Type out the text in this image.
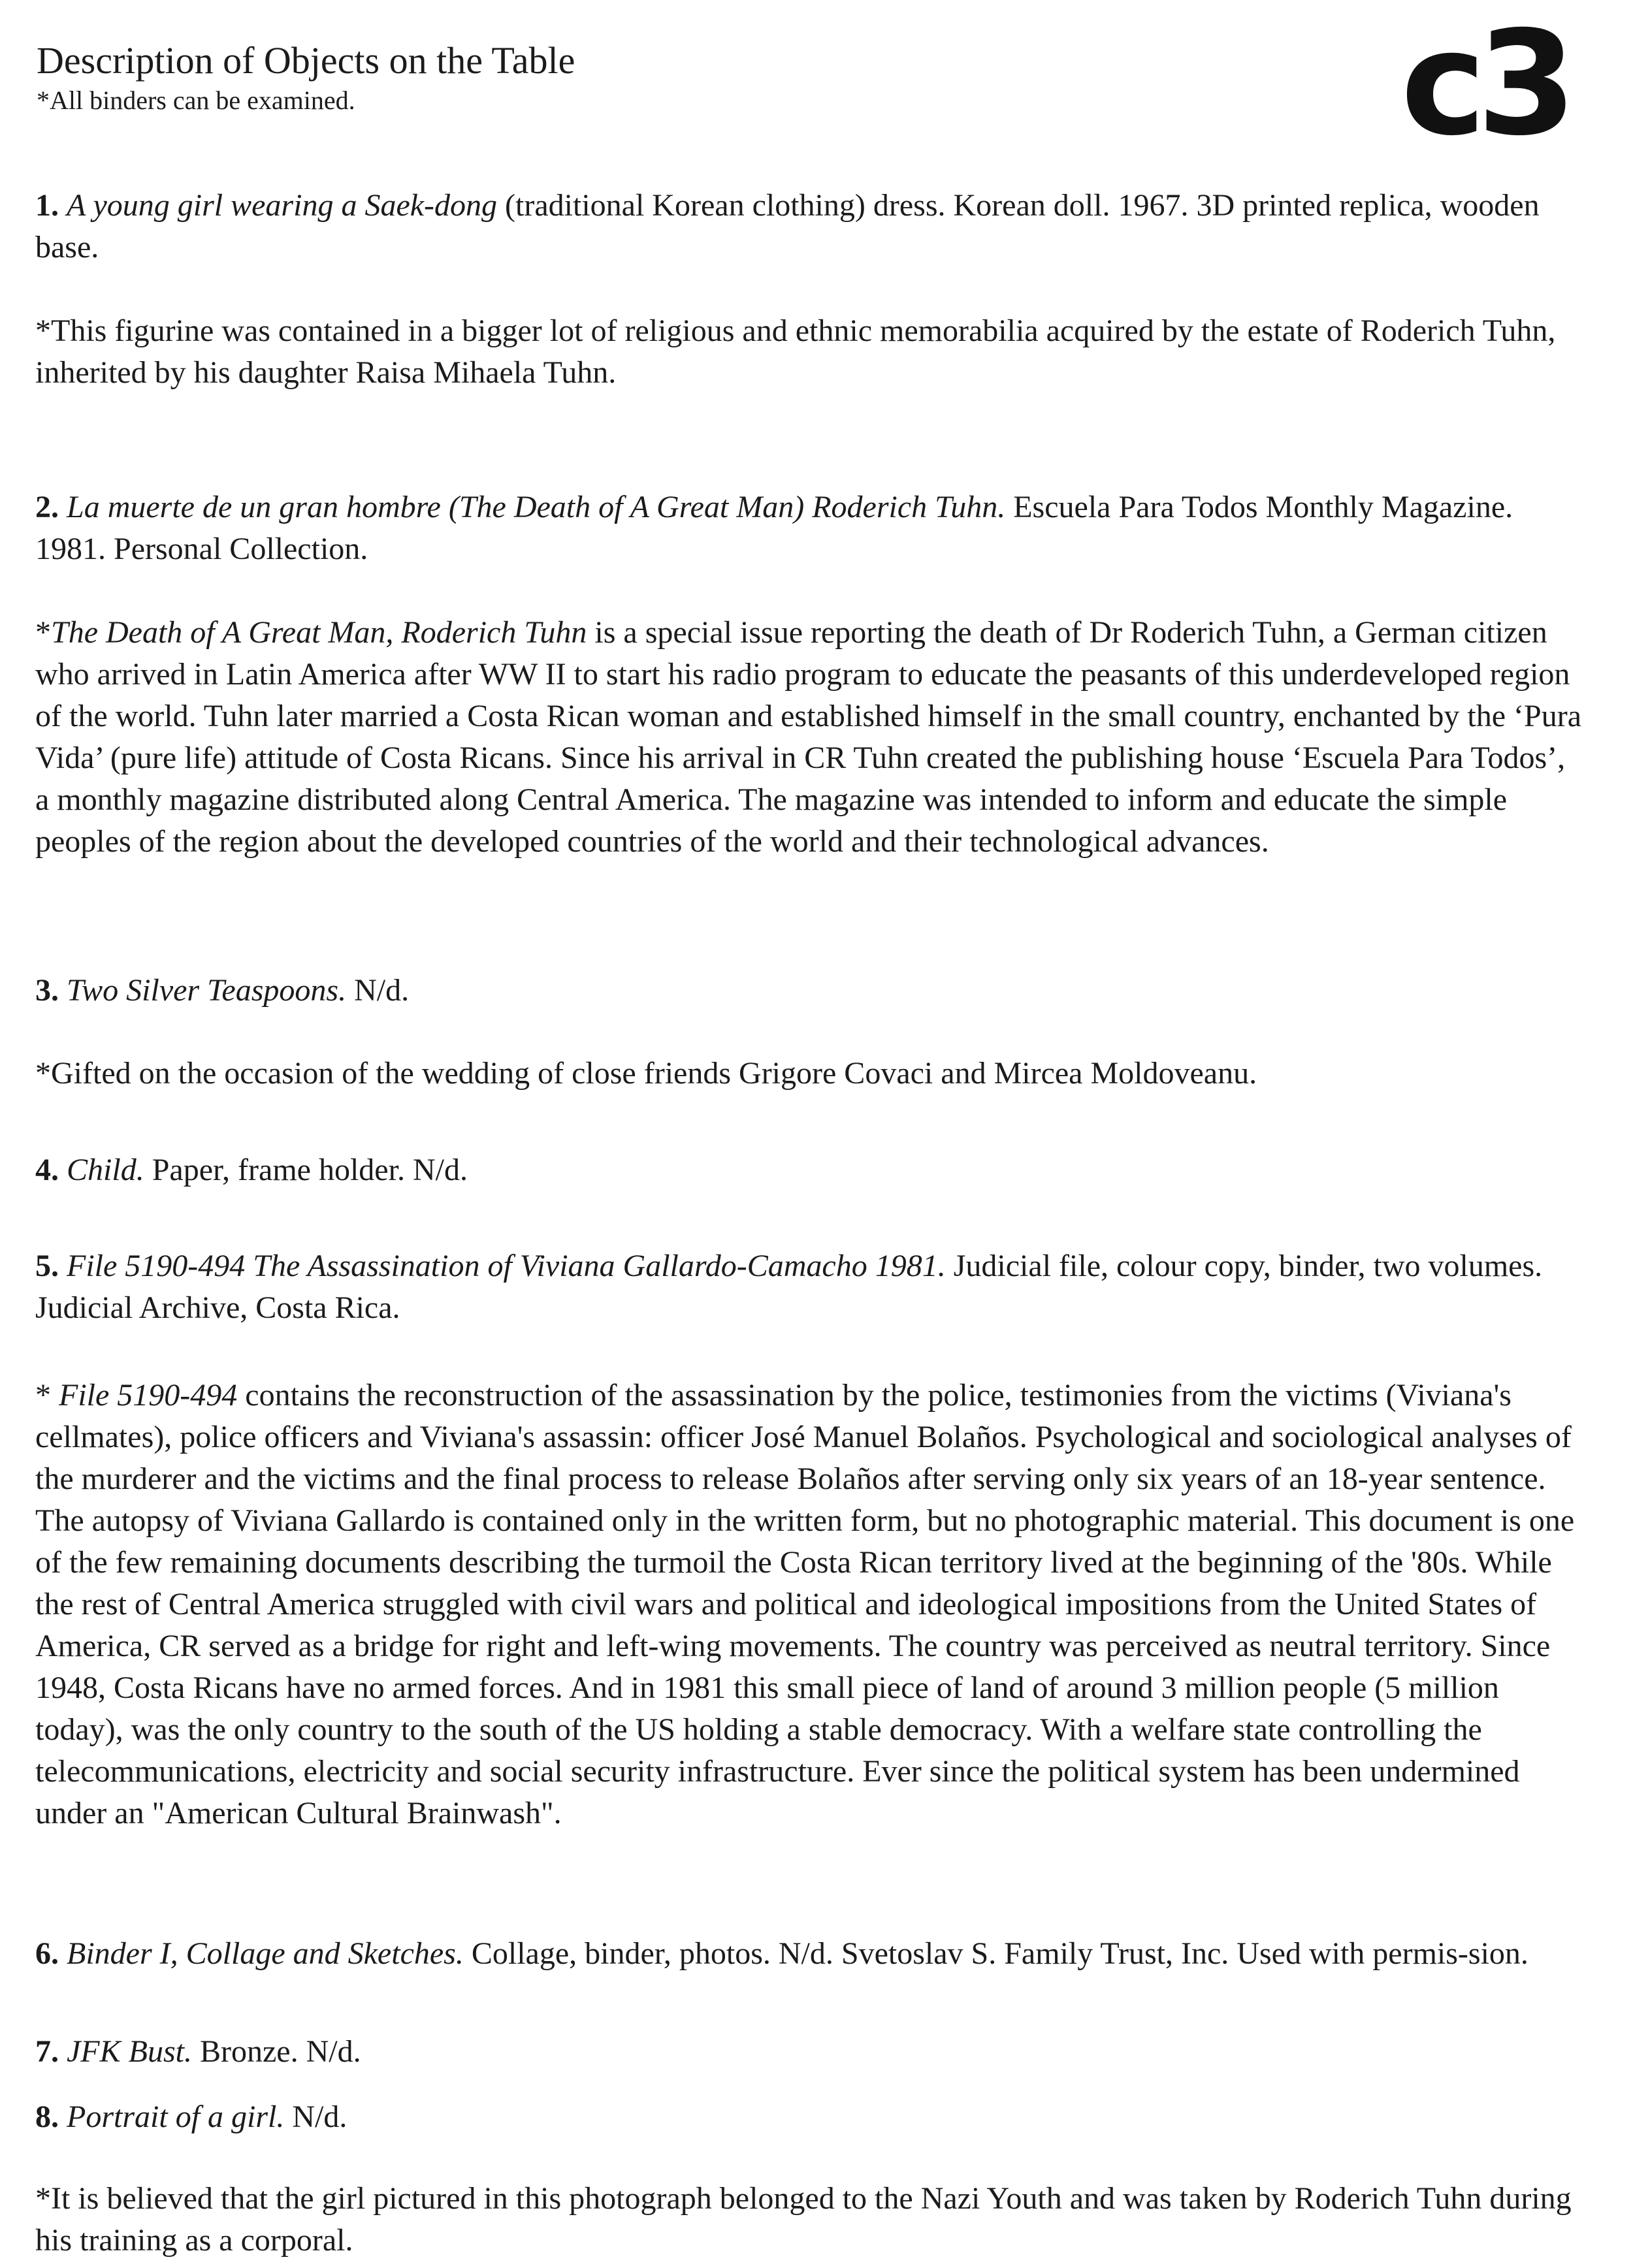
Description of Objects on the Table
*All binders can be examined.	c3

1. A young girl wearing a Saek-dong (traditional Korean clothing) dress. Korean doll. 1967. 3D printed replica, wooden base.

*This figurine was contained in a bigger lot of religious and ethnic memorabilia acquired by the estate of Roderich Tuhn, inherited by his daughter Raisa Mihaela Tuhn.

2. La muerte de un gran hombre (The Death of A Great Man) Roderich Tuhn. Escuela Para Todos Monthly Magazine. 1981. Personal Collection.

*The Death of A Great Man, Roderich Tuhn is a special issue reporting the death of Dr Roderich Tuhn, a German citizen who arrived in Latin America after WW II to start his radio program to educate the peasants of this underdeveloped region of the world. Tuhn later married a Costa Rican woman and established himself in the small country, enchanted by the ‘Pura Vida’ (pure life) attitude of Costa Ricans. Since his arrival in CR Tuhn created the publishing house ‘Escuela Para Todos’, a monthly magazine distributed along Central America. The magazine was intended to inform and educate the simple peoples of the region about the developed countries of the world and their technological advances.

3. Two Silver Teaspoons. N/d.

*Gifted on the occasion of the wedding of close friends Grigore Covaci and Mircea Moldoveanu.

4. Child. Paper, frame holder. N/d.

5. File 5190-494 The Assassination of Viviana Gallardo-Camacho 1981. Judicial file, colour copy, binder, two volumes. Judicial Archive, Costa Rica.

* File 5190-494 contains the reconstruction of the assassination by the police, testimonies from the victims (Viviana's cellmates), police officers and Viviana's assassin: officer José Manuel Bolaños. Psychological and sociological analyses of the murderer and the victims and the final process to release Bolaños after serving only six years of an 18-year sentence. The autopsy of Viviana Gallardo is contained only in the written form, but no photographic material. This document is one of the few remaining documents describing the turmoil the Costa Rican territory lived at the beginning of the '80s. While the rest of Central America struggled with civil wars and political and ideological impositions from the United States of America, CR served as a bridge for right and left-wing movements. The country was perceived as neutral territory. Since 1948, Costa Ricans have no armed forces. And in 1981 this small piece of land of around 3 million people (5 million today), was the only country to the south of the US holding a stable democracy. With a welfare state controlling the telecommunications, electricity and social security infrastructure. Ever since the political system has been undermined under an "American Cultural Brainwash".

6. Binder I, Collage and Sketches. Collage, binder, photos. N/d. Svetoslav S. Family Trust, Inc. Used with permis-sion.

7. JFK Bust. Bronze. N/d.

8. Portrait of a girl. N/d.

*It is believed that the girl pictured in this photograph belonged to the Nazi Youth and was taken by Roderich Tuhn during his training as a corporal.
